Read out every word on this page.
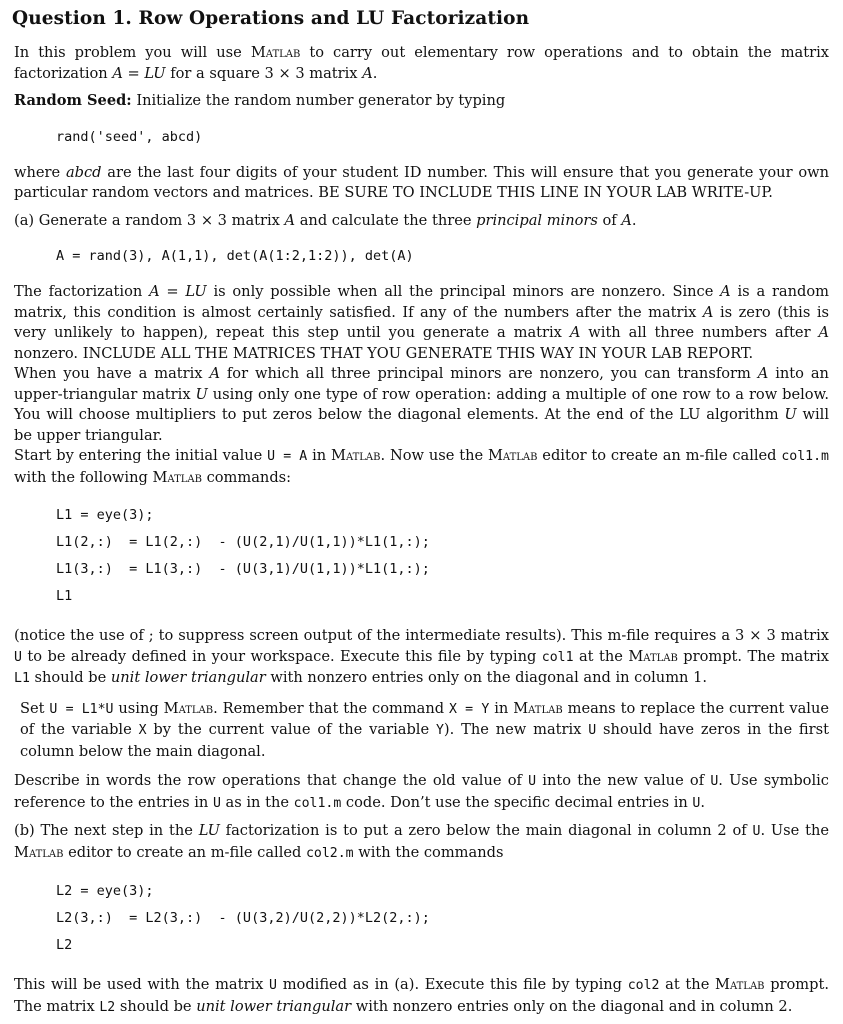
Question 1. Row Operations and LU Factorization

In this problem you will use Matlab to carry out elementary row operations and to obtain the matrix factorization A = LU for a square 3 × 3 matrix A.

Random Seed: Initialize the random number generator by typing

rand('seed', abcd)

where abcd are the last four digits of your student ID number. This will ensure that you generate your own particular random vectors and matrices. BE SURE TO INCLUDE THIS LINE IN YOUR LAB WRITE-UP.

(a) Generate a random 3 × 3 matrix A and calculate the three principal minors of A.

A = rand(3), A(1,1), det(A(1:2,1:2)), det(A)

The factorization A = LU is only possible when all the principal minors are nonzero. Since A is a random matrix, this condition is almost certainly satisfied. If any of the numbers after the matrix A is zero (this is very unlikely to happen), repeat this step until you generate a matrix A with all three numbers after A nonzero. INCLUDE ALL THE MATRICES THAT YOU GENERATE THIS WAY IN YOUR LAB REPORT.

When you have a matrix A for which all three principal minors are nonzero, you can transform A into an upper-triangular matrix U using only one type of row operation: adding a multiple of one row to a row below. You will choose multipliers to put zeros below the diagonal elements. At the end of the LU algorithm U will be upper triangular.

Start by entering the initial value U = A in Matlab. Now use the Matlab editor to create an m-file called col1.m with the following Matlab commands:

L1 = eye(3);
L1(2,:)  = L1(2,:)  - (U(2,1)/U(1,1))*L1(1,:);
L1(3,:)  = L1(3,:)  - (U(3,1)/U(1,1))*L1(1,:);
L1

(notice the use of ; to suppress screen output of the intermediate results). This m-file requires a 3 × 3 matrix U to be already defined in your workspace. Execute this file by typing col1 at the Matlab prompt. The matrix L1 should be unit lower triangular with nonzero entries only on the diagonal and in column 1.

Set U = L1*U using Matlab. Remember that the command X = Y in Matlab means to replace the current value of the variable X by the current value of the variable Y). The new matrix U should have zeros in the first column below the main diagonal.

Describe in words the row operations that change the old value of U into the new value of U. Use symbolic reference to the entries in U as in the col1.m code. Don’t use the specific decimal entries in U.

(b) The next step in the LU factorization is to put a zero below the main diagonal in column 2 of U. Use the Matlab editor to create an m-file called col2.m with the commands

L2 = eye(3);
L2(3,:)  = L2(3,:)  - (U(3,2)/U(2,2))*L2(2,:);
L2

This will be used with the matrix U modified as in (a). Execute this file by typing col2 at the Matlab prompt. The matrix L2 should be unit lower triangular with nonzero entries only on the diagonal and in column 2.
